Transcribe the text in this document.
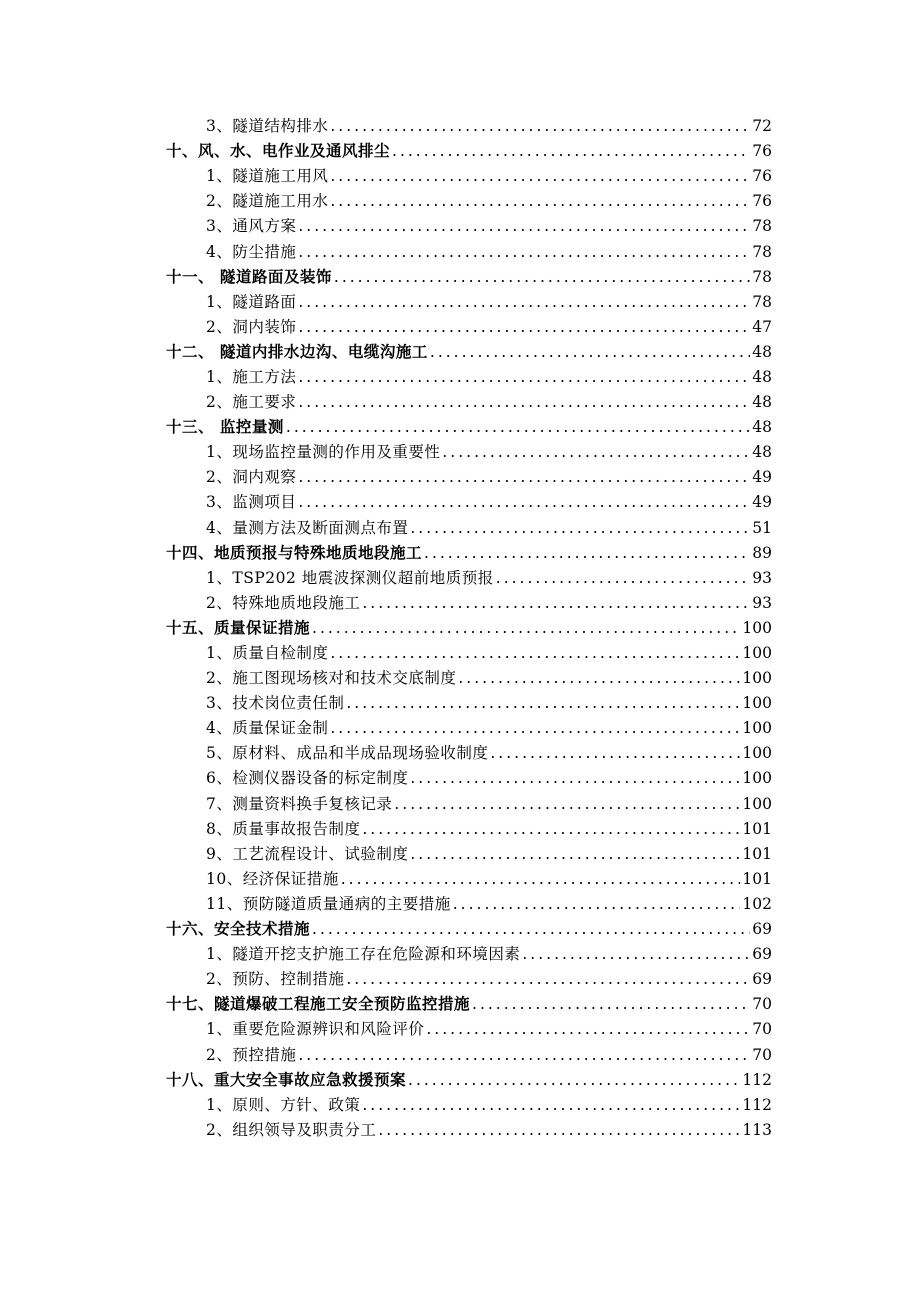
3、隧道结构排水 .....	72
十、风、水、电作业及通风排尘 .....	76
1、隧道施工用风 .....	76
2、隧道施工用水 .....	76
3、通风方案 .....	78
4、防尘措施 .....	78
十一、 隧道路面及装饰 .....	78
1、隧道路面 .....	78
2、洞内装饰 .....	47
十二、 隧道内排水边沟、电缆沟施工 .....	48
1、施工方法 .....	48
2、施工要求 .....	48
十三、 监控量测 .....	48
1、现场监控量测的作用及重要性 .....	48
2、洞内观察 .....	49
3、监测项目 .....	49
4、量测方法及断面测点布置 .....	51
十四、地质预报与特殊地质地段施工 .....	89
1、TSP202 地震波探测仪超前地质预报 .....	93
2、特殊地质地段施工 .....	93
十五、质量保证措施 .....	100
1、质量自检制度 .....	100
2、施工图现场核对和技术交底制度 .....	100
3、技术岗位责任制 .....	100
4、质量保证金制 .....	100
5、原材料、成品和半成品现场验收制度 .....	100
6、检测仪器设备的标定制度 .....	100
7、测量资料换手复核记录 .....	100
8、质量事故报告制度 .....	101
9、工艺流程设计、试验制度 .....	101
10、经济保证措施 .....	101
11、预防隧道质量通病的主要措施 .....	102
十六、安全技术措施 .....	69
1、隧道开挖支护施工存在危险源和环境因素 .....	69
2、预防、控制措施 .....	69
十七、隧道爆破工程施工安全预防监控措施 .....	70
1、重要危险源辨识和风险评价 .....	70
2、预控措施 .....	70
十八、重大安全事故应急救援预案 .....	112
1、原则、方针、政策 .....	112
2、组织领导及职责分工 .....	113
